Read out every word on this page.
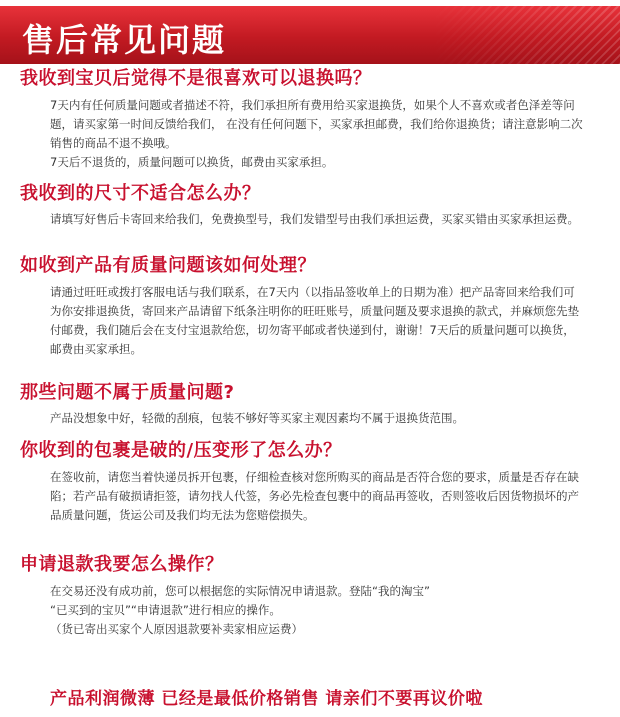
售后常见问题
我收到宝贝后觉得不是很喜欢可以退换吗？

7天内有任何质量问题或者描述不符，我们承担所有费用给买家退换货，如果个人不喜欢或者色泽差等问题，请买家第一时间反馈给我们， 在没有任何问题下，买家承担邮费，我们给你退换货；请注意影响二次销售的商品不退不换哦。

7天后不退货的，质量问题可以换货，邮费由买家承担。

我收到的尺寸不适合怎么办？

请填写好售后卡寄回来给我们，免费换型号，我们发错型号由我们承担运费，买家买错由买家承担运费。

如收到产品有质量问题该如何处理？

请通过旺旺或拨打客服电话与我们联系，在7天内（以指品签收单上的日期为准）把产品寄回来给我们可为你安排退换货，寄回来产品请留下纸条注明你的旺旺账号，质量问题及要求退换的款式，并麻烦您先垫付邮费，我们随后会在支付宝退款给您，切勿寄平邮或者快递到付，谢谢！7天后的质量问题可以换货，邮费由买家承担。

那些问题不属于质量问题?

产品没想象中好，轻微的刮痕，包装不够好等买家主观因素均不属于退换货范围。

你收到的包裹是破的/压变形了怎么办？

在签收前，请您当着快递员拆开包裹，仔细检查核对您所购买的商品是否符合您的要求，质量是否存在缺陷；若产品有破损请拒签，请勿找人代签，务必先检查包裹中的商品再签收，否则签收后因货物损坏的产品质量问题，货运公司及我们均无法为您赔偿损失。

申请退款我要怎么操作？

在交易还没有成功前，您可以根据您的实际情况申请退款。登陆“我的淘宝”

“已买到的宝贝”“申请退款”进行相应的操作。

（货已寄出买家个人原因退款要补卖家相应运费）

产品利润微薄 已经是最低价格销售 请亲们不要再议价啦
